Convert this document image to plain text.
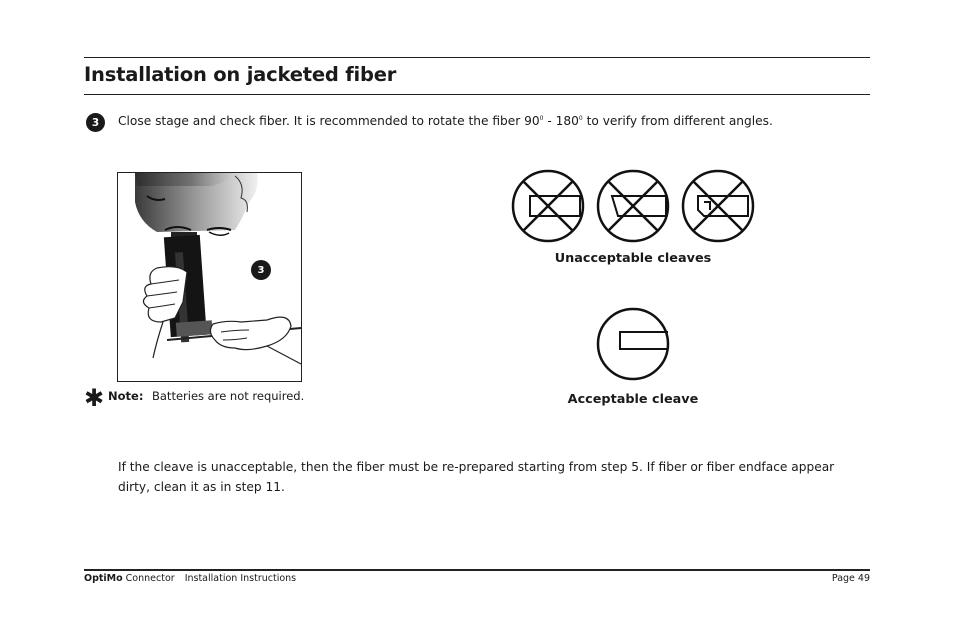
Installation on jacketed fiber
3	Close stage and check fiber. It is recommended to rotate the fiber $90^0 - 180^0$ to verify from different angles.
3
✱ Note: Batteries are not required.
Unacceptable cleaves
Acceptable cleave
If the cleave is unacceptable, then the fiber must be re-prepared starting from step 5. If fiber or fiber endface appear dirty, clean it as in step 11.
OptiMo Connector Installation Instructions	Page 49
